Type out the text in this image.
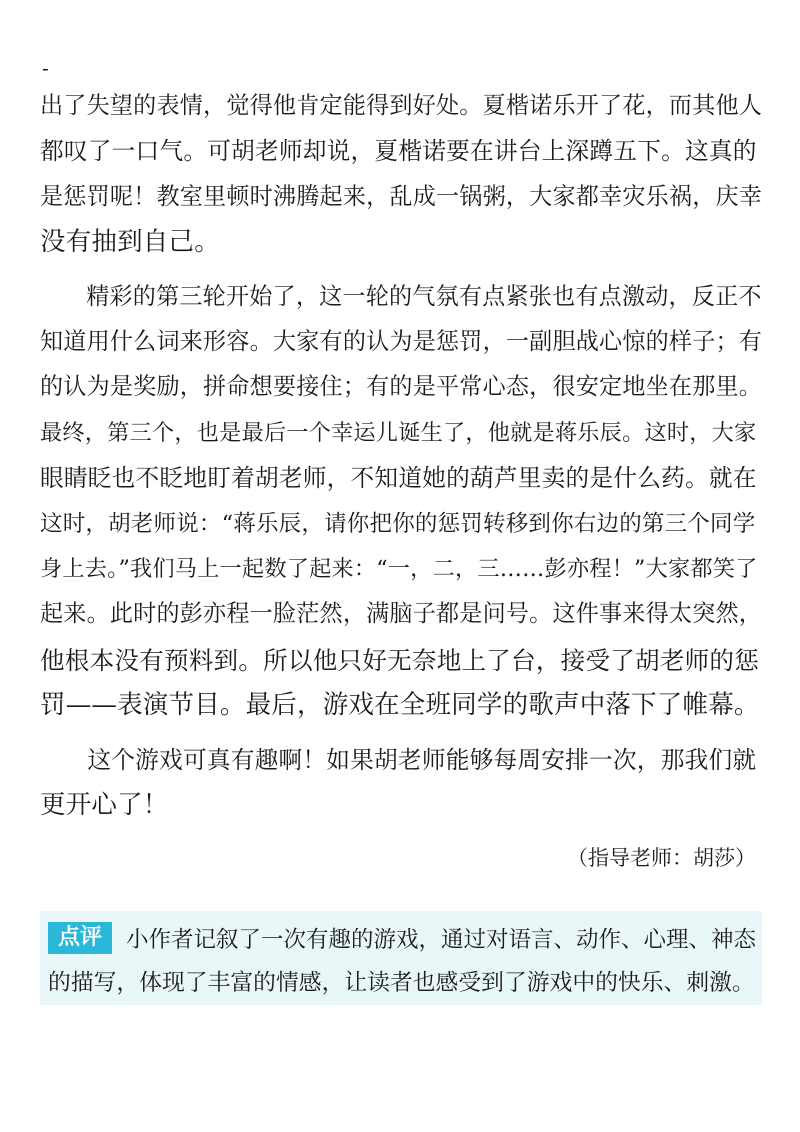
-

出了失望的表情，觉得他肯定能得到好处。夏楷诺乐开了花，而其他人
都叹了一口气。可胡老师却说，夏楷诺要在讲台上深蹲五下。这真的
是惩罚呢！教室里顿时沸腾起来，乱成一锅粥，大家都幸灾乐祸，庆幸
没有抽到自己。

精彩的第三轮开始了，这一轮的气氛有点紧张也有点激动，反正不
知道用什么词来形容。大家有的认为是惩罚，一副胆战心惊的样子；有
的认为是奖励，拼命想要接住；有的是平常心态，很安定地坐在那里。
最终，第三个，也是最后一个幸运儿诞生了，他就是蒋乐辰。这时，大家
眼睛眨也不眨地盯着胡老师，不知道她的葫芦里卖的是什么药。就在
这时，胡老师说：“蒋乐辰，请你把你的惩罚转移到你右边的第三个同学
身上去。”我们马上一起数了起来：“一，二，三……彭亦程！”大家都笑了
起来。此时的彭亦程一脸茫然，满脑子都是问号。这件事来得太突然，
他根本没有预料到。所以他只好无奈地上了台，接受了胡老师的惩
罚——表演节目。最后，游戏在全班同学的歌声中落下了帷幕。

这个游戏可真有趣啊！如果胡老师能够每周安排一次，那我们就
更开心了！

（指导老师：胡莎）
点评	小作者记叙了一次有趣的游戏，通过对语言、动作、心理、神态
的描写，体现了丰富的情感，让读者也感受到了游戏中的快乐、刺激。
